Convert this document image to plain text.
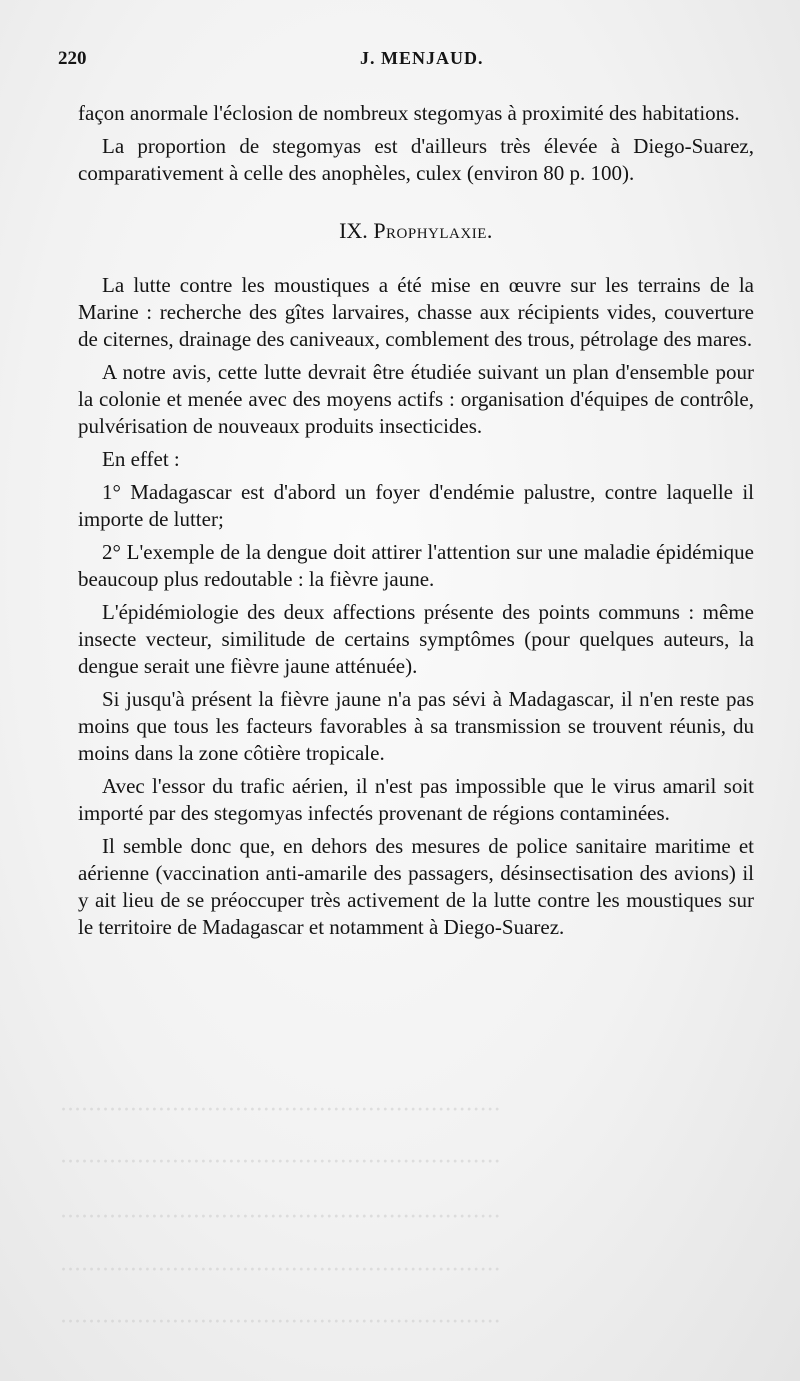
·······························································
·······························································
·······························································
·······························································
·······························································
220	J. MENJAUD.

façon anormale l'éclosion de nombreux stegomyas à proximité des habitations.

La proportion de stegomyas est d'ailleurs très élevée à Diego-Suarez, comparativement à celle des anophèles, culex (environ 80 p. 100).

IX. Prophylaxie.

La lutte contre les moustiques a été mise en œuvre sur les terrains de la Marine : recherche des gîtes larvaires, chasse aux récipients vides, couverture de citernes, drainage des caniveaux, comblement des trous, pétrolage des mares.

A notre avis, cette lutte devrait être étudiée suivant un plan d'ensemble pour la colonie et menée avec des moyens actifs : organisation d'équipes de contrôle, pulvérisation de nouveaux produits insecticides.

En effet :

1° Madagascar est d'abord un foyer d'endémie palustre, contre laquelle il importe de lutter;

2° L'exemple de la dengue doit attirer l'attention sur une maladie épidémique beaucoup plus redoutable : la fièvre jaune.

L'épidémiologie des deux affections présente des points communs : même insecte vecteur, similitude de certains symptômes (pour quelques auteurs, la dengue serait une fièvre jaune atténuée).

Si jusqu'à présent la fièvre jaune n'a pas sévi à Madagascar, il n'en reste pas moins que tous les facteurs favorables à sa transmission se trouvent réunis, du moins dans la zone côtière tropicale.

Avec l'essor du trafic aérien, il n'est pas impossible que le virus amaril soit importé par des stegomyas infectés provenant de régions contaminées.

Il semble donc que, en dehors des mesures de police sanitaire maritime et aérienne (vaccination anti-amarile des passagers, désinsectisation des avions) il y ait lieu de se préoccuper très activement de la lutte contre les moustiques sur le territoire de Madagascar et notamment à Diego-Suarez.
